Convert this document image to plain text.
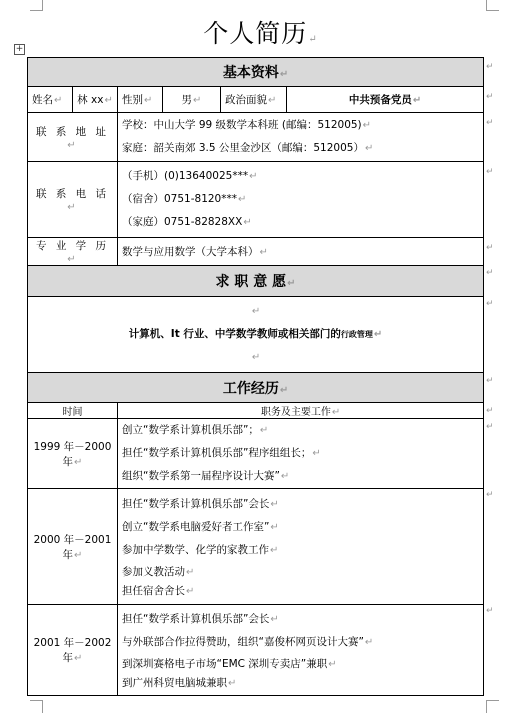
+
个人简历↵
基本资料↵					
姓名↵	林 xx↵	性别↵	男↵	政治面貌↵	中共预备党员↵
联 系 地 址↵		学校：中山大学 99 级数学本科班 (邮编：512005)↵
家庭：韶关南郊 3.5 公里金沙区（邮编：512005）↵			

联 系 电 话↵		（手机）(0)13640025***↵
（宿舍）0751-8120***↵
（家庭）0751-82828XX↵			

专 业 学 历↵		数学与应用数学（大学本科）↵			
求 职 意 愿↵					

↵
计算机、It 行业、中学数学教师或相关部门的行政管理↵
↵					

工作经历↵					
时间		职务及主要工作↵			
1999 年－2000 年↵		创立“数学系计算机俱乐部”；↵
担任“数学系计算机俱乐部”程序组组长；↵
组织“数学系第一届程序设计大赛”↵			

2000 年－2001 年↵		担任“数学系计算机俱乐部”会长↵
创立“数学系电脑爱好者工作室”↵
参加中学数学、化学的家教工作↵
参加义教活动↵
担任宿舍舍长↵			

2001 年－2002 年↵		担任“数学系计算机俱乐部”会长↵
与外联部合作拉得赞助，组织“嘉俊杯网页设计大赛”↵
到深圳赛格电子市场“EMC 深圳专卖店”兼职↵
到广州科贸电脑城兼职↵			
↵
↵
↵
↵
↵
↵
↵
↵
↵
↵
↵
↵
